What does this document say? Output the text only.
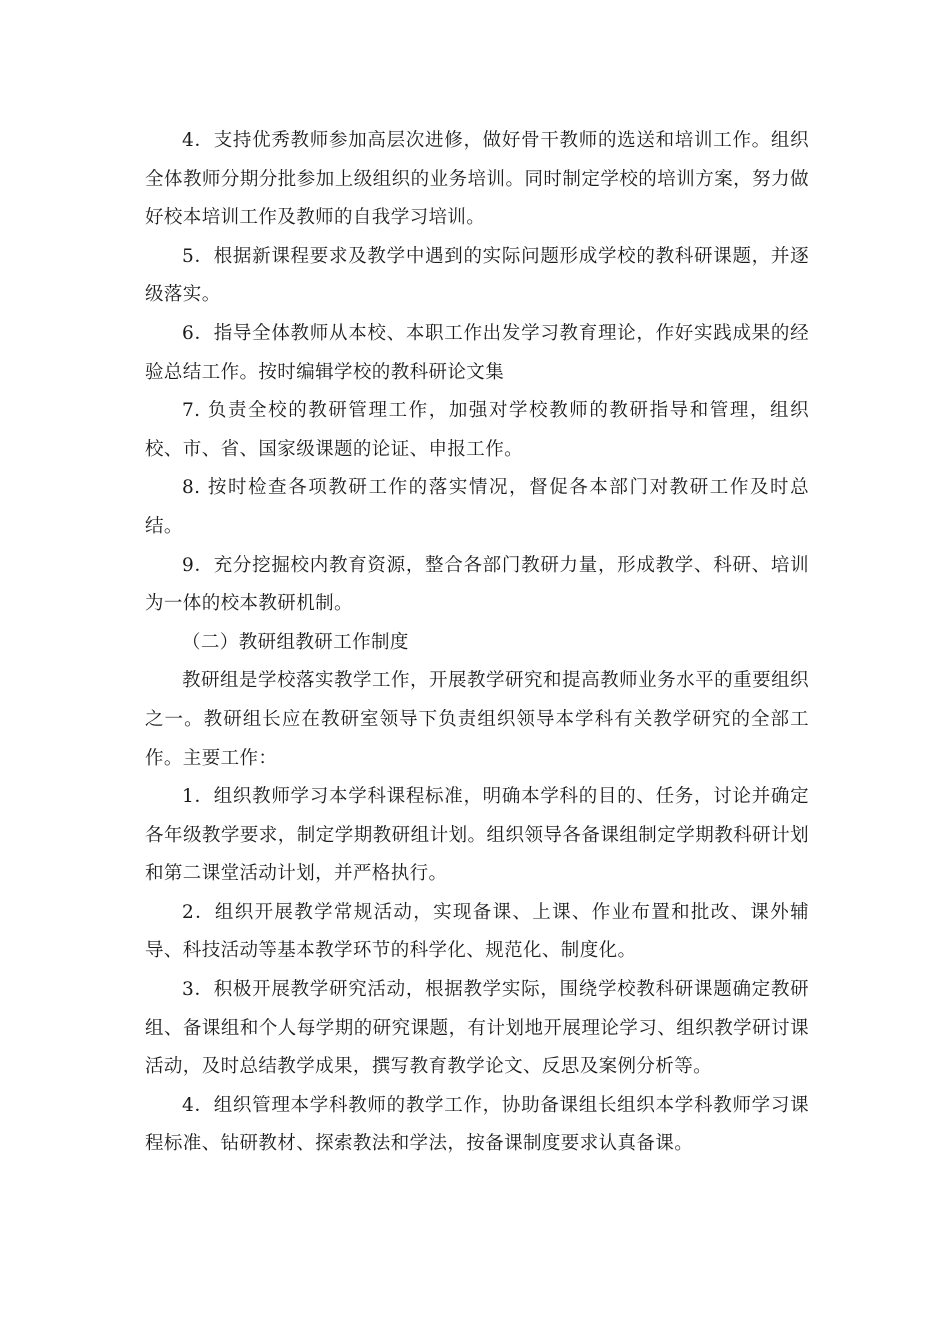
4．支持优秀教师参加高层次进修，做好骨干教师的选送和培训工作。组织全体教师分期分批参加上级组织的业务培训。同时制定学校的培训方案，努力做好校本培训工作及教师的自我学习培训。

5．根据新课程要求及教学中遇到的实际问题形成学校的教科研课题，并逐级落实。

6．指导全体教师从本校、本职工作出发学习教育理论，作好实践成果的经验总结工作。按时编辑学校的教科研论文集

7. 负责全校的教研管理工作，加强对学校教师的教研指导和管理，组织校、市、省、国家级课题的论证、申报工作。

8. 按时检查各项教研工作的落实情况，督促各本部门对教研工作及时总结。

9．充分挖掘校内教育资源，整合各部门教研力量，形成教学、科研、培训为一体的校本教研机制。

（二）教研组教研工作制度

教研组是学校落实教学工作，开展教学研究和提高教师业务水平的重要组织之一。教研组长应在教研室领导下负责组织领导本学科有关教学研究的全部工作。主要工作：

1．组织教师学习本学科课程标准，明确本学科的目的、任务，讨论并确定各年级教学要求，制定学期教研组计划。组织领导各备课组制定学期教科研计划和第二课堂活动计划，并严格执行。

2．组织开展教学常规活动，实现备课、上课、作业布置和批改、课外辅导、科技活动等基本教学环节的科学化、规范化、制度化。

3．积极开展教学研究活动，根据教学实际，围绕学校教科研课题确定教研组、备课组和个人每学期的研究课题，有计划地开展理论学习、组织教学研讨课活动，及时总结教学成果，撰写教育教学论文、反思及案例分析等。

4．组织管理本学科教师的教学工作，协助备课组长组织本学科教师学习课程标准、钻研教材、探索教法和学法，按备课制度要求认真备课。
